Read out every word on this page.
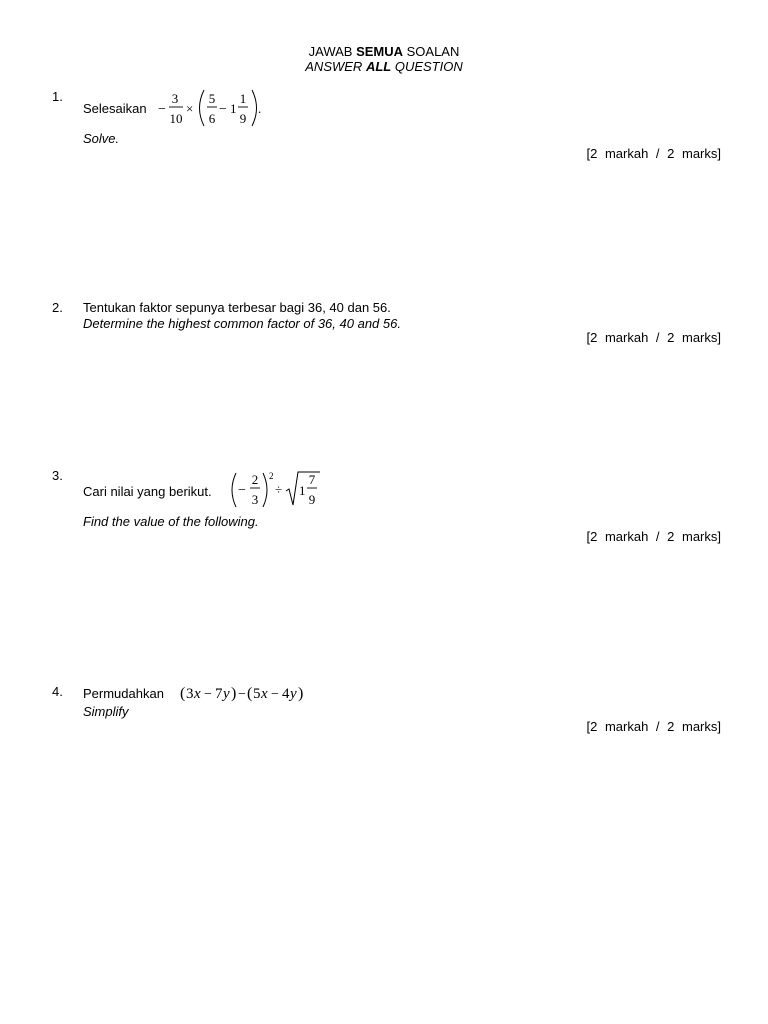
JAWAB SEMUA SOALAN
ANSWER ALL QUESTION
1.
Selesaikan −
3
10
×
5
6
− 1
1
9
.
Solve.
[2 markah / 2 marks]
2. Tentukan faktor sepunya terbesar bagi 36, 40 dan 56.
Determine the highest common factor of 36, 40 and 56.
[2 markah / 2 marks]
3.
Cari nilai yang berikut. −
2
3
2
÷ 1
7
9
Find the value of the following.
[2 markah / 2 marks]
4. Permudahkan ( 3 x − 7 y ) − ( 5 x − 4 y )
Simplify
[2 markah / 2 marks]
